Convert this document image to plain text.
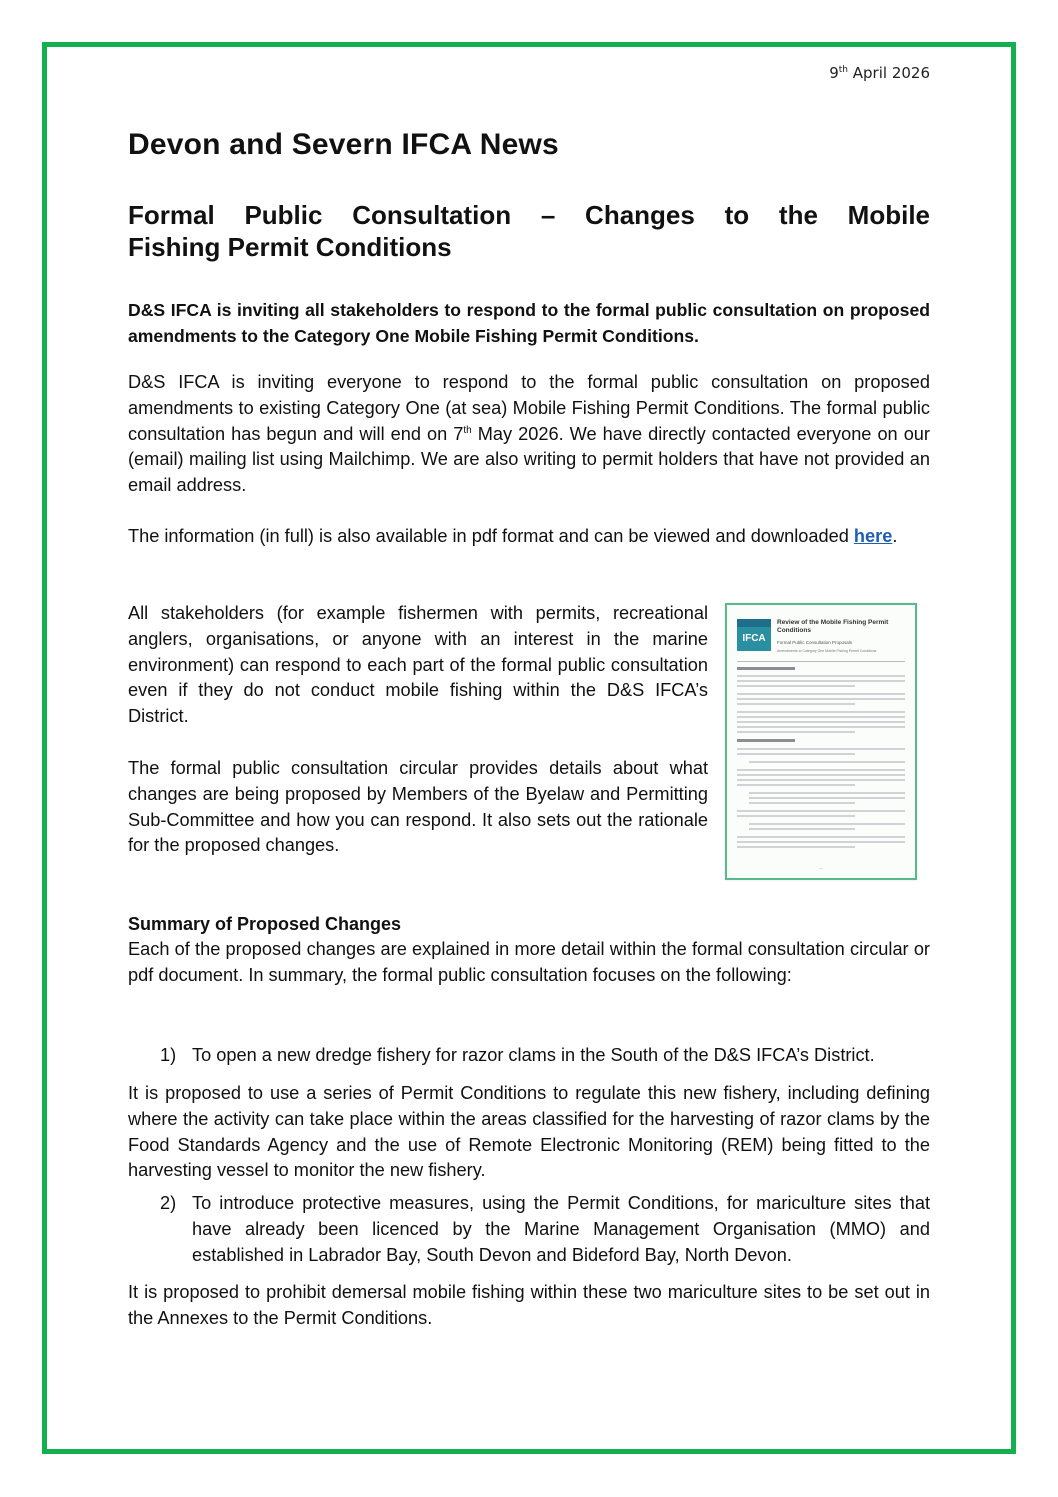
9th April 2026
Devon and Severn IFCA News
Formal Public Consultation – Changes to the Mobile
Fishing Permit Conditions

D&S IFCA is inviting all stakeholders to respond to the formal public consultation on proposed amendments to the Category One Mobile Fishing Permit Conditions.

D&S IFCA is inviting everyone to respond to the formal public consultation on proposed amendments to existing Category One (at sea) Mobile Fishing Permit Conditions. The formal public consultation has begun and will end on 7th May 2026. We have directly contacted everyone on our (email) mailing list using Mailchimp. We are also writing to permit holders that have not provided an email address.

The information (in full) is also available in pdf format and can be viewed and downloaded here.

All stakeholders (for example fishermen with permits, recreational anglers, organisations, or anyone with an interest in the marine environment) can respond to each part of the formal public consultation even if they do not conduct mobile fishing within the D&S IFCA’s District.

The formal public consultation circular provides details about what changes are being proposed by Members of the Byelaw and Permitting Sub-Committee and how you can respond. It also sets out the rationale for the proposed changes.

IFCA
Review of the Mobile Fishing Permit Conditions
Formal Public Consultation Proposals
Amendments to Category One Mobile Fishing Permit Conditions
—
Summary of Proposed Changes

Each of the proposed changes are explained in more detail within the formal consultation circular or pdf document. In summary, the formal public consultation focuses on the following:

1) To open a new dredge fishery for razor clams in the South of the D&S IFCA’s District.

It is proposed to use a series of Permit Conditions to regulate this new fishery, including defining where the activity can take place within the areas classified for the harvesting of razor clams by the Food Standards Agency and the use of Remote Electronic Monitoring (REM) being fitted to the harvesting vessel to monitor the new fishery.

2) To introduce protective measures, using the Permit Conditions, for mariculture sites that have already been licenced by the Marine Management Organisation (MMO) and established in Labrador Bay, South Devon and Bideford Bay, North Devon.

It is proposed to prohibit demersal mobile fishing within these two mariculture sites to be set out in the Annexes to the Permit Conditions.
